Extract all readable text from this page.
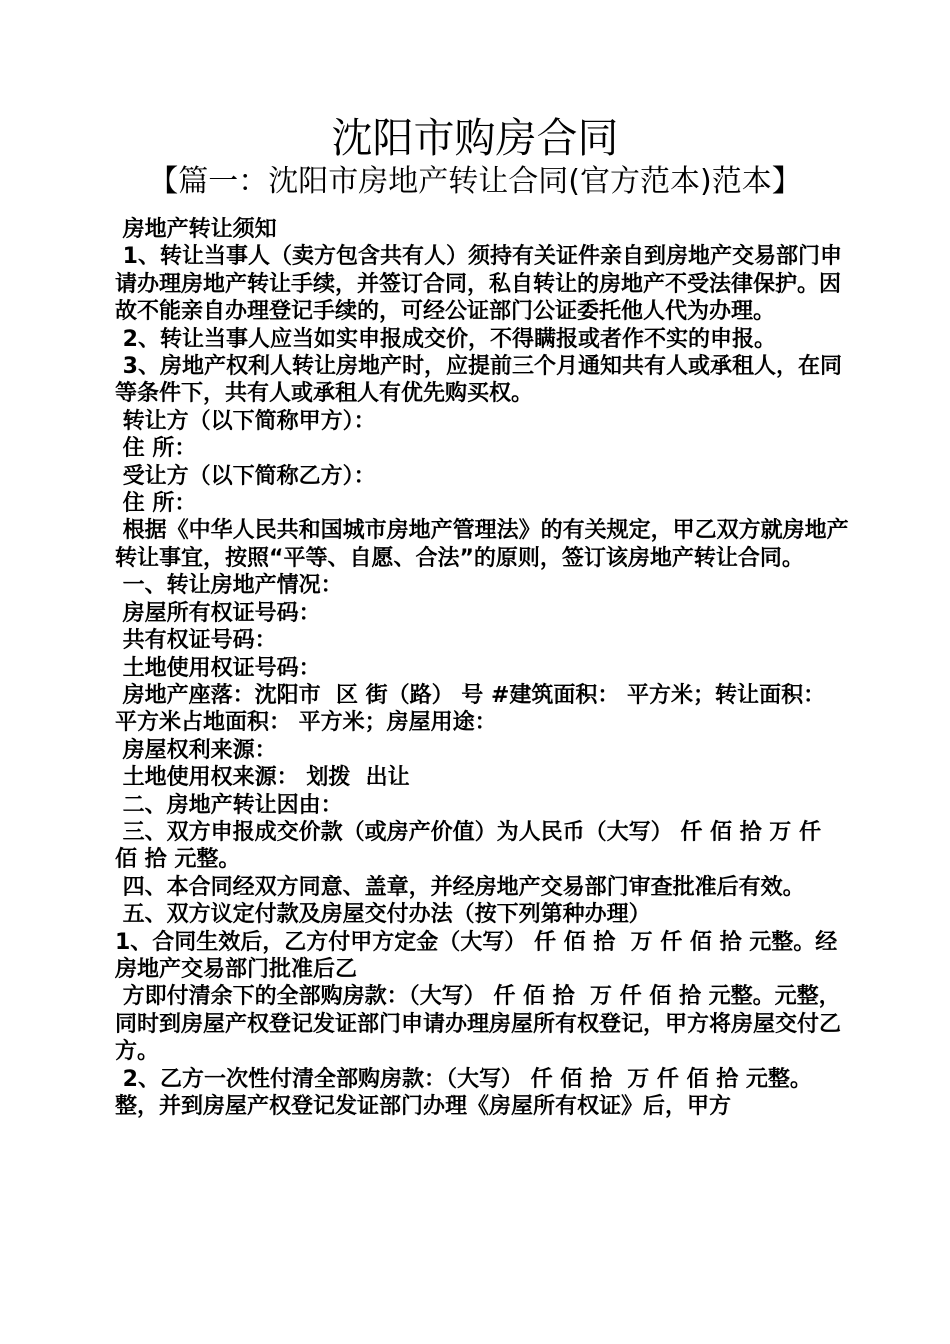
沈阳市购房合同
【篇一：沈阳市房地产转让合同(官方范本)范本】

房地产转让须知

1、转让当事人（卖方包含共有人）须持有关证件亲自到房地产交易部门申请办理房地产转让手续，并签订合同，私自转让的房地产不受法律保护。因故不能亲自办理登记手续的，可经公证部门公证委托他人代为办理。

2、转让当事人应当如实申报成交价，不得瞒报或者作不实的申报。

3、房地产权利人转让房地产时，应提前三个月通知共有人或承租人，在同等条件下，共有人或承租人有优先购买权。

转让方（以下简称甲方）：

住 所：

受让方（以下简称乙方）：

住 所：

根据《中华人民共和国城市房地产管理法》的有关规定，甲乙双方就房地产转让事宜，按照“平等、自愿、合法”的原则，签订该房地产转让合同。

一、转让房地产情况：

房屋所有权证号码：

共有权证号码：

土地使用权证号码：

房地产座落：沈阳市  区 街（路） 号 #建筑面积： 平方米；转让面积：  平方米占地面积： 平方米；房屋用途：

房屋权利来源：

土地使用权来源： 划拨  出让

二、房地产转让因由：

三、双方申报成交价款（或房产价值）为人民币（大写） 仟 佰 拾 万 仟 佰 拾 元整。

四、本合同经双方同意、盖章，并经房地产交易部门审查批准后有效。

五、双方议定付款及房屋交付办法（按下列第种办理）

1、合同生效后，乙方付甲方定金（大写） 仟 佰 拾  万 仟 佰 拾 元整。经房地产交易部门批准后乙

方即付清余下的全部购房款：（大写） 仟 佰 拾  万 仟 佰 拾 元整。元整，同时到房屋产权登记发证部门申请办理房屋所有权登记，甲方将房屋交付乙方。

2、乙方一次性付清全部购房款：（大写） 仟 佰 拾  万 仟 佰 拾 元整。整，并到房屋产权登记发证部门办理《房屋所有权证》后，甲方
